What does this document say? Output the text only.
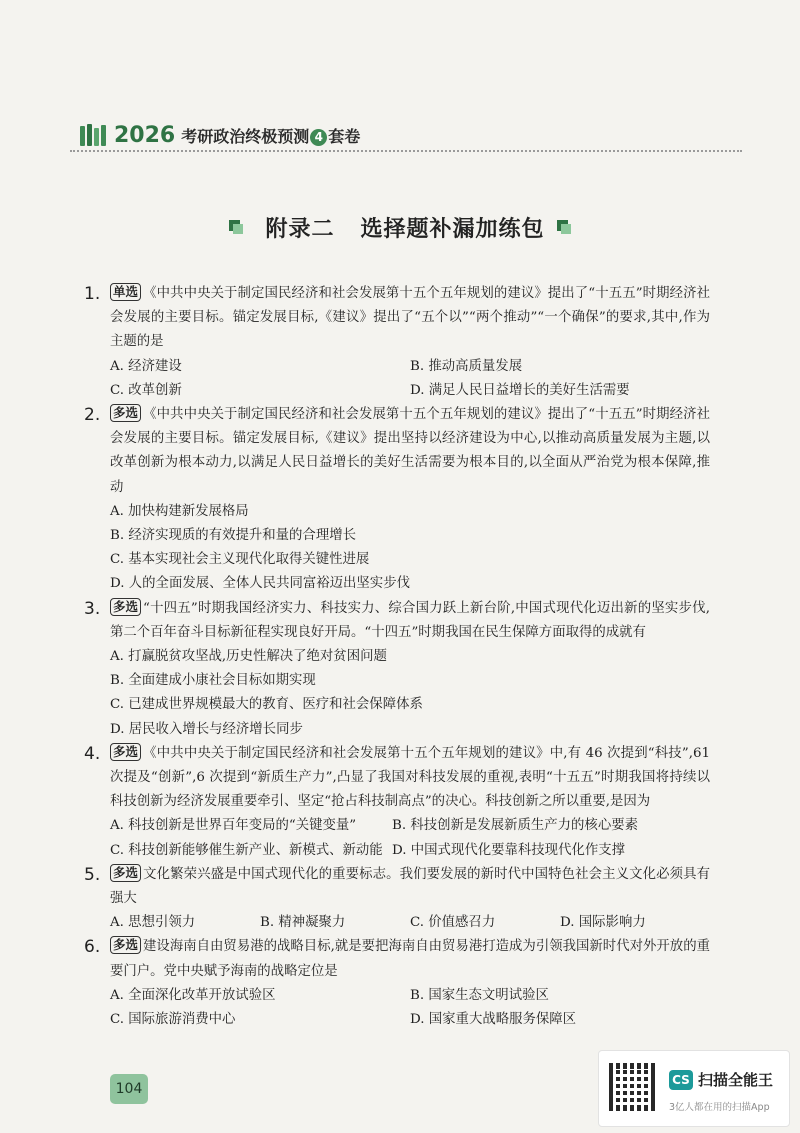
2026 考研政治终极预测 4 套卷
附录二 选择题补漏加练包
1. 单选 《中共中央关于制定国民经济和社会发展第十五个五年规划的建议》提出了“十五五”时期经济社会发展的主要目标。锚定发展目标,《建议》提出了“五个以”“两个推动”“一个确保”的要求,其中,作为主题的是
A. 经济建设	B. 推动高质量发展
C. 改革创新	D. 满足人民日益增长的美好生活需要
2. 多选 《中共中央关于制定国民经济和社会发展第十五个五年规划的建议》提出了“十五五”时期经济社会发展的主要目标。锚定发展目标,《建议》提出坚持以经济建设为中心,以推动高质量发展为主题,以改革创新为根本动力,以满足人民日益增长的美好生活需要为根本目的,以全面从严治党为根本保障,推动
A. 加快构建新发展格局
B. 经济实现质的有效提升和量的合理增长
C. 基本实现社会主义现代化取得关键性进展
D. 人的全面发展、全体人民共同富裕迈出坚实步伐
3. 多选 “十四五”时期我国经济实力、科技实力、综合国力跃上新台阶,中国式现代化迈出新的坚实步伐,第二个百年奋斗目标新征程实现良好开局。“十四五”时期我国在民生保障方面取得的成就有
A. 打赢脱贫攻坚战,历史性解决了绝对贫困问题
B. 全面建成小康社会目标如期实现
C. 已建成世界规模最大的教育、医疗和社会保障体系
D. 居民收入增长与经济增长同步
4. 多选 《中共中央关于制定国民经济和社会发展第十五个五年规划的建议》中,有 46 次提到“科技”,61 次提及“创新”,6 次提到“新质生产力”,凸显了我国对科技发展的重视,表明“十五五”时期我国将持续以科技创新为经济发展重要牵引、坚定“抢占科技制高点”的决心。科技创新之所以重要,是因为
A. 科技创新是世界百年变局的“关键变量”	B. 科技创新是发展新质生产力的核心要素
C. 科技创新能够催生新产业、新模式、新动能 D. 中国式现代化要靠科技现代化作支撑
5. 多选 文化繁荣兴盛是中国式现代化的重要标志。我们要发展的新时代中国特色社会主义文化必须具有强大
A. 思想引领力	B. 精神凝聚力	C. 价值感召力	D. 国际影响力
6. 多选 建设海南自由贸易港的战略目标,就是要把海南自由贸易港打造成为引领我国新时代对外开放的重要门户。党中央赋予海南的战略定位是
A. 全面深化改革开放试验区	B. 国家生态文明试验区
C. 国际旅游消费中心	D. 国家重大战略服务保障区
104
CS 扫描全能王
3亿人都在用的扫描App
